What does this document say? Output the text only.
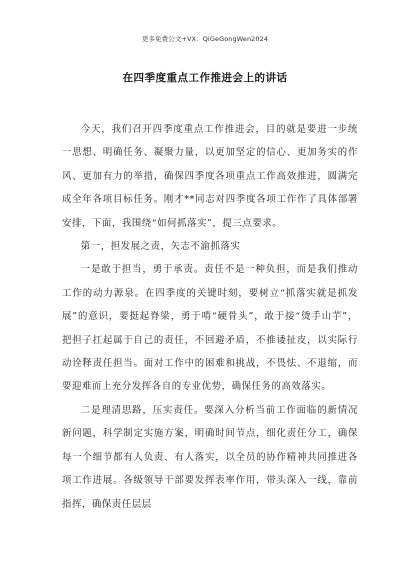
更多免费公文+VX：QiGeGongWen2024
在四季度重点工作推进会上的讲话

今天，我们召开四季度重点工作推进会，目的就是要进一步统一思想、明确任务、凝聚力量，以更加坚定的信心、更加务实的作风、更加有力的举措，确保四季度各项重点工作高效推进，圆满完成全年各项目标任务。刚才**同志对四季度各项工作作了具体部署安排，下面，我围绕“如何抓落实”，提三点要求。

第一，担发展之责，矢志不渝抓落实

一是敢于担当，勇于承责。责任不是一种负担，而是我们推动工作的动力源泉。在四季度的关键时刻，要树立“抓落实就是抓发展”的意识，要挺起脊梁，勇于啃“硬骨头”，敢于接“烫手山芋”，把担子扛起属于自己的责任，不回避矛盾，不推诿扯皮，以实际行动诠释责任担当。面对工作中的困难和挑战，不畏怯、不退缩，而要迎难而上充分发挥各自的专业优势，确保任务的高效落实。

二是理清思路，压实责任。要深入分析当前工作面临的新情况新问题，科学制定实施方案，明确时间节点，细化责任分工，确保每一个细节都有人负责、有人落实，以全员的协作精神共同推进各项工作进展。各级领导干部要发挥表率作用，带头深入一线，靠前指挥，确保责任层层
